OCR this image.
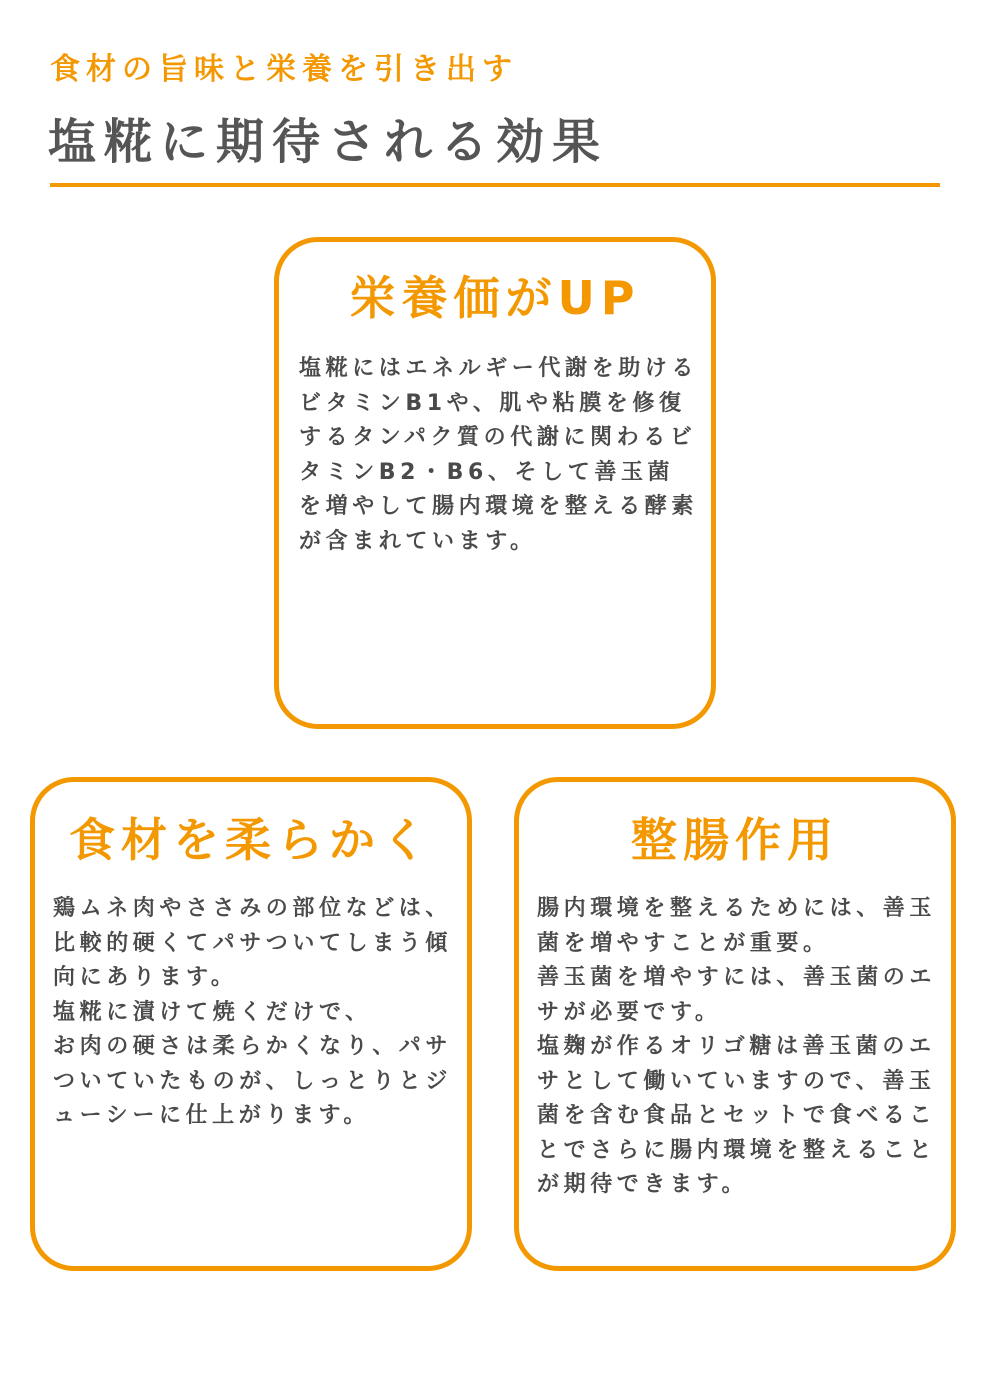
食材の旨味と栄養を引き出す
塩糀に期待される効果
栄養価がUP

塩糀にはエネルギー代謝を助けるビタミンB1や、肌や粘膜を修復するタンパク質の代謝に関わるビタミンB2・B6、そして善玉菌を増やして腸内環境を整える酵素が含まれています。

食材を柔らかく

鶏ムネ肉やささみの部位などは、比較的硬くてパサついてしまう傾向にあります。
塩糀に漬けて焼くだけで、
お肉の硬さは柔らかくなり、パサついていたものが、しっとりとジューシーに仕上がります。

整腸作用

腸内環境を整えるためには、善玉菌を増やすことが重要。
善玉菌を増やすには、善玉菌のエサが必要です。
塩麹が作るオリゴ糖は善玉菌のエサとして働いていますので、善玉菌を含む食品とセットで食べることでさらに腸内環境を整えることが期待できます。
